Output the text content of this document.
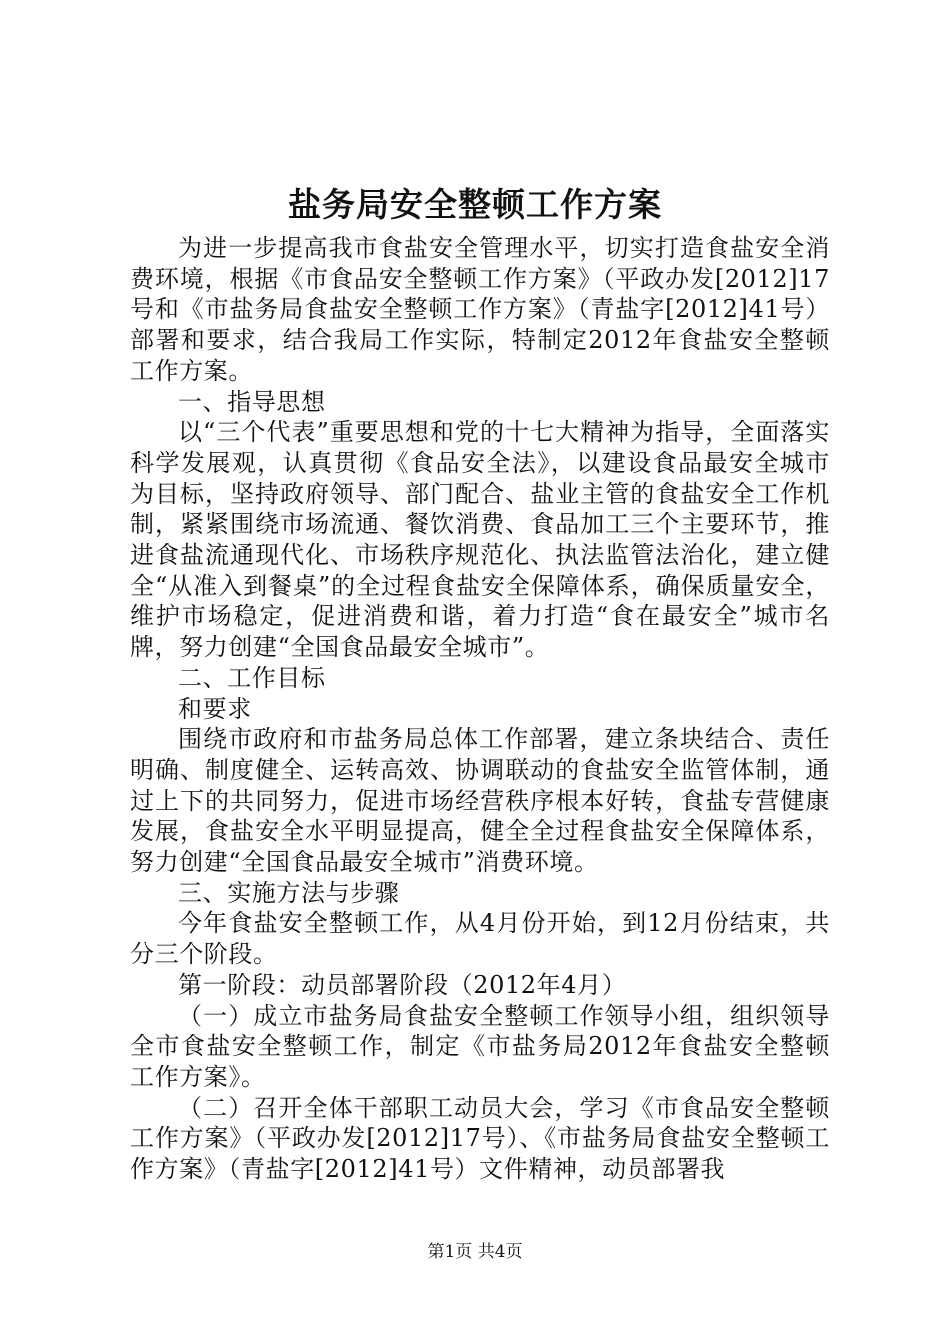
盐务局安全整顿工作方案

为进一步提高我市食盐安全管理水平，切实打造食盐安全消费环境，根据《市食品安全整顿工作方案》（平政办发[2012]17号和《市盐务局食盐安全整顿工作方案》（青盐字[2012]41号）部署和要求，结合我局工作实际，特制定2012年食盐安全整顿工作方案。

一、指导思想

以“三个代表”重要思想和党的十七大精神为指导，全面落实科学发展观，认真贯彻《食品安全法》，以建设食品最安全城市为目标，坚持政府领导、部门配合、盐业主管的食盐安全工作机制，紧紧围绕市场流通、餐饮消费、食品加工三个主要环节，推进食盐流通现代化、市场秩序规范化、执法监管法治化，建立健全“从准入到餐桌”的全过程食盐安全保障体系，确保质量安全，维护市场稳定，促进消费和谐，着力打造“食在最安全”城市名牌，努力创建“全国食品最安全城市”。

二、工作目标

和要求

围绕市政府和市盐务局总体工作部署，建立条块结合、责任明确、制度健全、运转高效、协调联动的食盐安全监管体制，通过上下的共同努力，促进市场经营秩序根本好转，食盐专营健康发展，食盐安全水平明显提高，健全全过程食盐安全保障体系，努力创建“全国食品最安全城市”消费环境。

三、实施方法与步骤

今年食盐安全整顿工作，从4月份开始，到12月份结束，共分三个阶段。

第一阶段：动员部署阶段（2012年4月）

（一）成立市盐务局食盐安全整顿工作领导小组，组织领导全市食盐安全整顿工作，制定《市盐务局2012年食盐安全整顿工作方案》。

（二）召开全体干部职工动员大会，学习《市食品安全整顿工作方案》（平政办发[2012]17号）、《市盐务局食盐安全整顿工作方案》（青盐字[2012]41号）文件精神，动员部署我

第1页 共4页
